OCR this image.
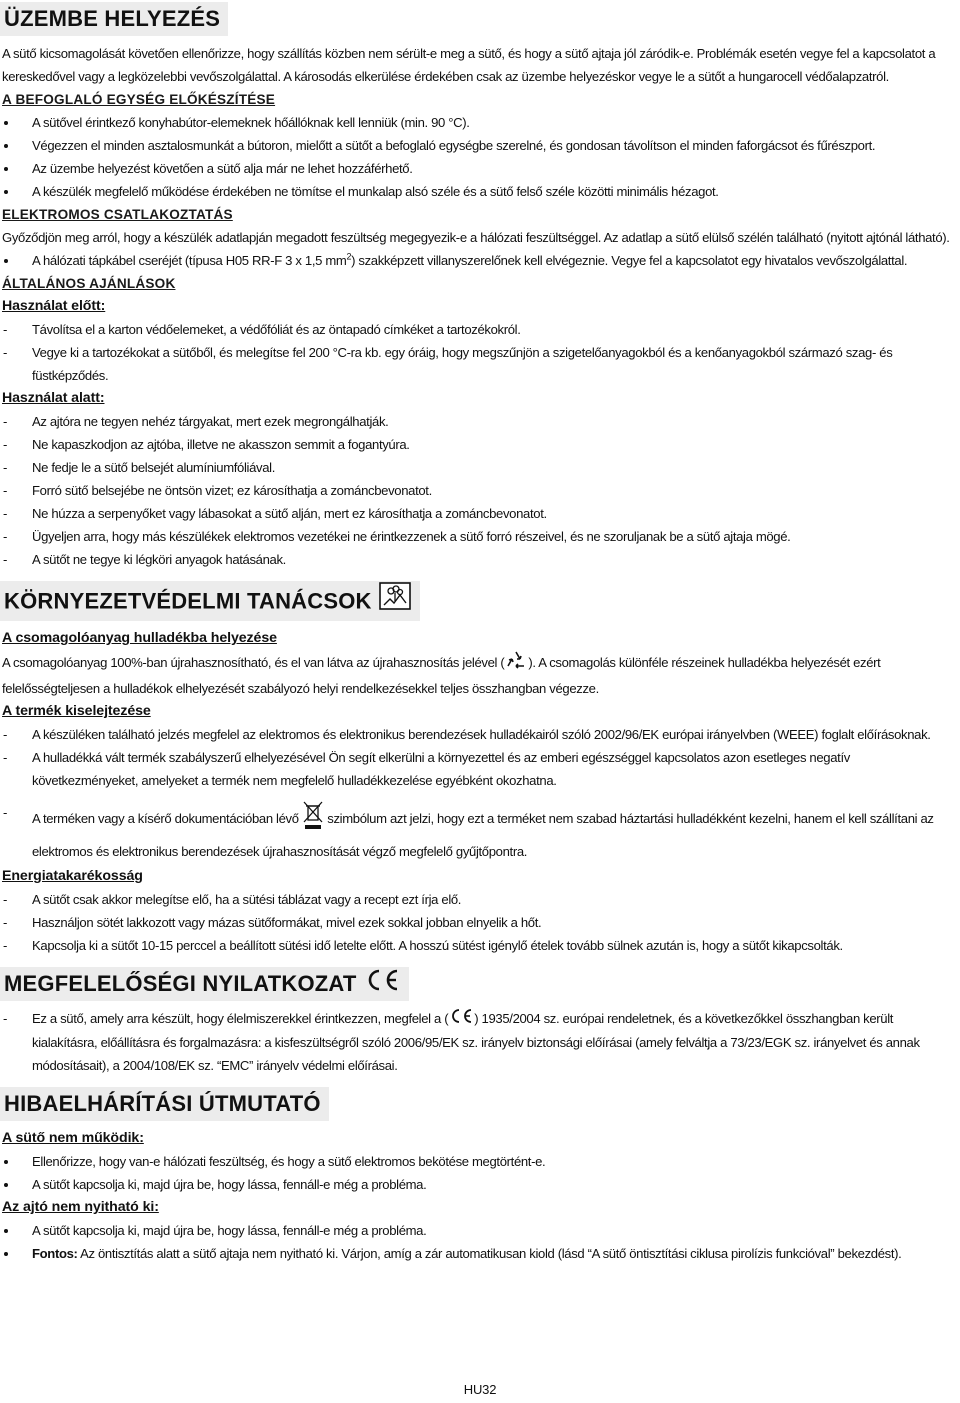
ÜZEMBE HELYEZÉS

A sütő kicsomagolását követően ellenőrizze, hogy szállítás közben nem sérült-e meg a sütő, és hogy a sütő ajtaja jól záródik-e. Problémák esetén vegye fel a kapcsolatot a kereskedővel vagy a legközelebbi vevőszolgálattal. A károsodás elkerülése érdekében csak az üzembe helyezéskor vegye le a sütőt a hungarocell védőalapzatról.

A BEFOGLALÓ EGYSÉG ELŐKÉSZÍTÉSE
A sütővel érintkező konyhabútor-elemeknek hőállóknak kell lenniük (min. 90 °C).
Végezzen el minden asztalosmunkát a bútoron, mielőtt a sütőt a befoglaló egységbe szerelné, és gondosan távolítson el minden faforgácsot és fűrészport.
Az üzembe helyezést követően a sütő alja már ne lehet hozzáférhető.
A készülék megfelelő működése érdekében ne tömítse el munkalap alsó széle és a sütő felső széle közötti minimális hézagot.
ELEKTROMOS CSATLAKOZTATÁS

Győződjön meg arról, hogy a készülék adatlapján megadott feszültség megegyezik-e a hálózati feszültséggel. Az adatlap a sütő elülső szélén található (nyitott ajtónál látható).

A hálózati tápkábel cseréjét (típusa H05 RR-F 3 x 1,5 $mm^2$) szakképzett villanyszerelőnek kell elvégeznie. Vegye fel a kapcsolatot egy hivatalos vevőszolgálattal.
ÁLTALÁNOS AJÁNLÁSOK
Használat előtt:
- Távolítsa el a karton védőelemeket, a védőfóliát és az öntapadó címkéket a tartozékokról.
- Vegye ki a tartozékokat a sütőből, és melegítse fel 200 °C-ra kb. egy óráig, hogy megszűnjön a szigetelőanyagokból és a kenőanyagokból származó szag- és füstképződés.
Használat alatt:
- Az ajtóra ne tegyen nehéz tárgyakat, mert ezek megrongálhatják.
- Ne kapaszkodjon az ajtóba, illetve ne akasszon semmit a fogantyúra.
- Ne fedje le a sütő belsejét alumíniumfóliával.
- Forró sütő belsejébe ne öntsön vizet; ez károsíthatja a zománcbevonatot.
- Ne húzza a serpenyőket vagy lábasokat a sütő alján, mert ez károsíthatja a zománcbevonatot.
- Ügyeljen arra, hogy más készülékek elektromos vezetékei ne érintkezzenek a sütő forró részeivel, és ne szoruljanak be a sütő ajtaja mögé.
- A sütőt ne tegye ki légköri anyagok hatásának.
KÖRNYEZETVÉDELMI TANÁCSOK
A csomagolóanyag hulladékba helyezése

A csomagolóanyag 100%-ban újrahasznosítható, és el van látva az újrahasznosítás jelével ( ). A csomagolás különféle részeinek hulladékba helyezését ezért felelősségteljesen a hulladékok elhelyezését szabályozó helyi rendelkezésekkel teljes összhangban végezze.

A termék kiselejtezése
- A készüléken található jelzés megfelel az elektromos és elektronikus berendezések hulladékairól szóló 2002/96/EK európai irányelvben (WEEE) foglalt előírásoknak.
- A hulladékká vált termék szabályszerű elhelyezésével Ön segít elkerülni a környezettel és az emberi egészséggel kapcsolatos azon esetleges negatív következményeket, amelyeket a termék nem megfelelő hulladékkezelése egyébként okozhatna.
- A terméken vagy a kísérő dokumentációban lévő szimbólum azt jelzi, hogy ezt a terméket nem szabad háztartási hulladékként kezelni, hanem el kell szállítani az elektromos és elektronikus berendezések újrahasznosítását végző megfelelő gyűjtőpontra.
Energiatakarékosság
- A sütőt csak akkor melegítse elő, ha a sütési táblázat vagy a recept ezt írja elő.
- Használjon sötét lakkozott vagy mázas sütőformákat, mivel ezek sokkal jobban elnyelik a hőt.
- Kapcsolja ki a sütőt 10-15 perccel a beállított sütési idő letelte előtt. A hosszú sütést igénylő ételek tovább sülnek azután is, hogy a sütőt kikapcsolták.
MEGFELELŐSÉGI NYILATKOZAT
- Ez a sütő, amely arra készült, hogy élelmiszerekkel érintkezzen, megfelel a ( ) 1935/2004 sz. európai rendeletnek, és a következőkkel összhangban került kialakításra, előállításra és forgalmazásra: a kisfeszültségről szóló 2006/95/EK sz. irányelv biztonsági előírásai (amely felváltja a 73/23/EGK sz. irányelvet és annak módosításait), a 2004/108/EK sz. “EMC” irányelv védelmi előírásai.
HIBAELHÁRÍTÁSI ÚTMUTATÓ
A sütő nem működik:
Ellenőrizze, hogy van-e hálózati feszültség, és hogy a sütő elektromos bekötése megtörtént-e.
A sütőt kapcsolja ki, majd újra be, hogy lássa, fennáll-e még a probléma.
Az ajtó nem nyitható ki:
A sütőt kapcsolja ki, majd újra be, hogy lássa, fennáll-e még a probléma.
Fontos: Az öntisztítás alatt a sütő ajtaja nem nyitható ki. Várjon, amíg a zár automatikusan kiold (lásd “A sütő öntisztítási ciklusa pirolízis funkcióval” bekezdést).
HU32
